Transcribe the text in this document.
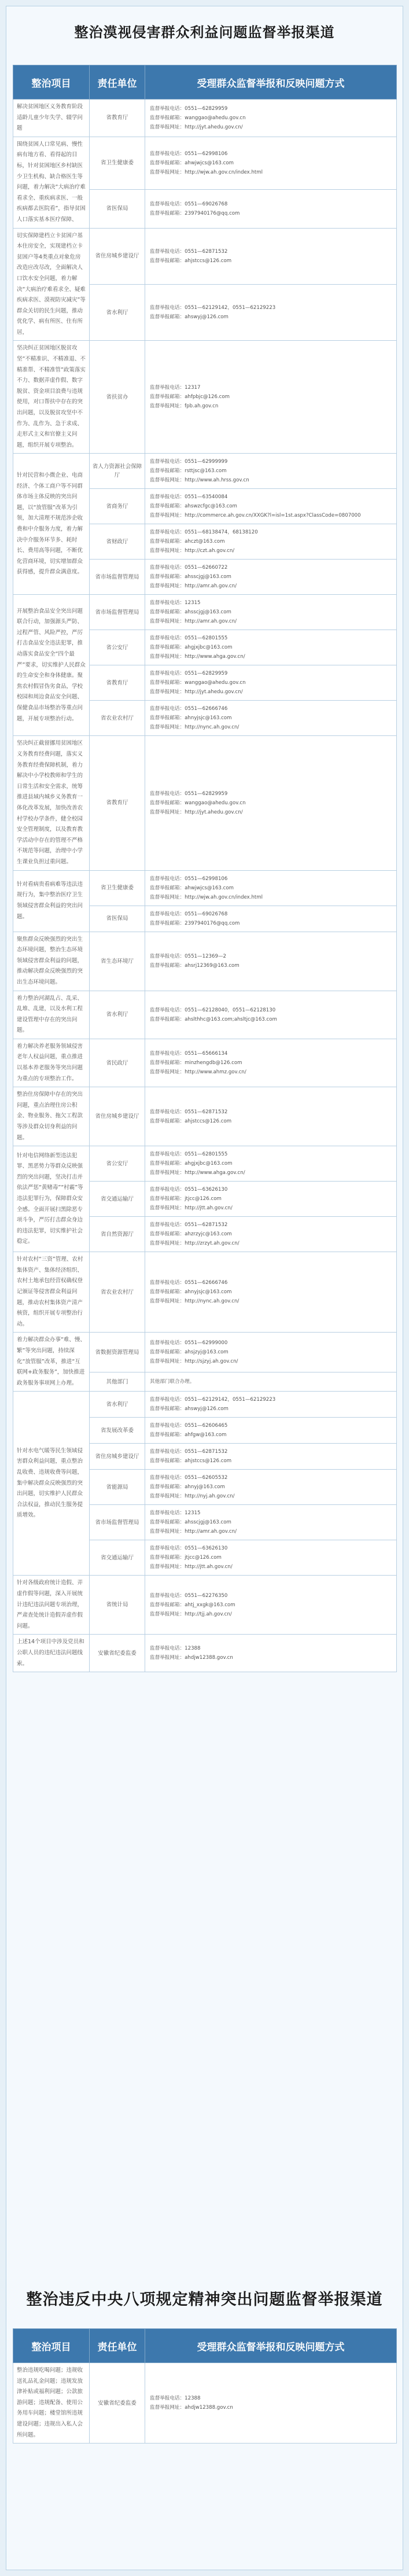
整治漠视侵害群众利益问题监督举报渠道
整治项目	责任单位	受理群众监督举报和反映问题方式
解决贫困地区义务教育阶段适龄儿童少年失学、辍学问题	省教育厅	监督举报电话：0551—62829959
监督举报邮箱：wanggao@ahedu.gov.cn
监督举报网址：http://jyt.ahedu.gov.cn/
围绕贫困人口常见病、慢性病有地方看、看得起的目标，针对贫困地区乡村缺医少卫生机构、缺合格医生等问题，着力解决“大病治疗难看求全、重疾病求医、一般疾病都去医院看”，指导贫困人口落实基本医疗保障、	省卫生健康委	监督举报电话：0551—62998106
监督举报邮箱：ahwjwjcs@163.com
监督举报网址：http://wjw.ah.gov.cn/index.html
	省医保局	监督举报电话：0551—69026768
监督举报邮箱：2397940176@qq.com
切实保障建档立卡贫困户基本住房安全，实现建档立卡贫困户等4类重点对象危房改造应改尽改，全面解决人口饮水安全问题，着力解决“大病治疗难看求全、疑难疾病求医、漠视防灾减灾”等群众关切的民生问题，推动优化学、病有所医、住有所居，	省住房城乡建设厅	监督举报电话：0551—62871532
监督举报邮箱：ahjstccs@126.com
	省水利厅	监督举报电话：0551—62129142，0551—62129223
监督举报邮箱：ahswyj@126.com
坚决纠正贫困地区脱贫攻坚“不精准识、不精准退、不精准帮、不精准管”政策落实不力、数据弄虚作假、数字脱贫、资金项目浪费与违规使用，对口帮扶中存在的突出问题，以及脱贫攻坚中不作为、乱作为、急于求成、走形式主义和官僚主义问题，组织开展专项整治。	省扶贫办	监督举报电话：12317
监督举报邮箱：ahfpbjc@126.com
监督举报网址：fpb.ah.gov.cn
针对民营和小微企业、电商经济、个体工商户等不同群体市场主体反映的突出问题，以“放管服”改革为引领，加大清理不规范涉企收费和中介服务力度，着力解决中介服务环节多、耗时长、费用高等问题，不断优化营商环境，切实增加群众获得感，提升群众满意度。	省人力资源社会保障厅	监督举报电话：0551—62999999
监督举报邮箱：rsttjsc@163.com
监督举报网址：http://www.ah.hrss.gov.cn
	省商务厅	监督举报电话：0551—63540084
监督举报邮箱：ahswzcfgc@163.com
监督举报网址：http://commerce.ah.gov.cn/XXGK?l=isl=1st.aspx?ClassCode=0807000
	省财政厅	监督举报电话：0551—68138474，68138120
监督举报邮箱：ahczt@163.com
监督举报网址：http://czt.ah.gov.cn/
	省市场监督管理局	监督举报电话：0551—62660722
监督举报邮箱：ahsscjgj@163.com
监督举报网址：http://amr.ah.gov.cn/
开展整治食品安全突出问题联合行动，加强源头严防、过程严管、风险严控，严厉打击食品安全违法犯罪，推动落实食品安全“四个最严”要求，切实维护人民群众的生命安全和身体健康。聚焦农村假冒伪劣食品，学校校园和周边食品安全问题、保健食品市场整治等重点问题，开展专项整治行动。	省市场监督管理局	监督举报电话：12315
监督举报邮箱：ahsscjgj@163.com
监督举报网址：http://amr.ah.gov.cn/
	省公安厅	监督举报电话：0551—62801555
监督举报邮箱：ahgjxjbc@163.com
监督举报网址：http://www.ahga.gov.cn/
	省教育厅	监督举报电话：0551—62829959
监督举报邮箱：wanggao@ahedu.gov.cn
监督举报网址：http://jyt.ahedu.gov.cn/
	省农业农村厅	监督举报电话：0551—62666746
监督举报邮箱：ahnyjsjc@163.com
监督举报网址：http://nync.ah.gov.cn/
坚决纠正截留挪用贫困地区义务教育经费问题，落实义务教育经费保障机制，着力解决中小学校教师和学生的日常生活和安全需求，统筹推进县域内城乡义务教育一体化改革发展，加快改善农村学校办学条件，健全校园安全管理制度，以及教育教学活动中存在的管理不严格不规范等问题，治理中小学生课业负担过重问题。	省教育厅	监督举报电话：0551—62829959
监督举报邮箱：wanggao@ahedu.gov.cn
监督举报网址：http://jyt.ahedu.gov.cn/
针对看病贵看病难等违法违规行为，集中整治医疗卫生领域侵害群众利益的突出问题。	省卫生健康委	监督举报电话：0551—62998106
监督举报邮箱：ahwjwjcs@163.com
监督举报网址：http://wjw.ah.gov.cn/index.html
	省医保局	监督举报电话：0551—69026768
监督举报邮箱：2397940176@qq.com
聚焦群众反映强烈的突出生态环境问题，整治生态环境领域侵害群众利益的问题，推动解决群众反映强烈的突出生态环境问题。	省生态环境厅	监督举报电话：0551—12369—2
监督举报邮箱：ahsrj12369@163.com
着力整治河湖乱占、乱采、乱堆、乱建，以及水利工程建设管理中存在的突出问题。	省水利厅	监督举报电话：0551—62128040，0551—62128130
监督举报邮箱：ahslthhc@163.com;ahsltjc@163.com
着力解决养老服务领域侵害老年人权益问题，重点推进以基本养老服务等突出问题为重点的专项整治工作。	省民政厅	监督举报电话：0551—65666134
监督举报邮箱：minzhengdb@126.com
监督举报网址：http://www.ahmz.gov.cn/
整治住房保障中存在的突出问题，重点治理住房公积金、物业服务、拖欠工程款等涉及群众切身利益的问题。	省住房城乡建设厅	监督举报电话：0551—62871532
监督举报邮箱：ahjstccs@126.com
针对电信网络新型违法犯罪、黑恶势力等群众反映强烈的突出问题，坚决打击并依法严惩“黄赌毒”“村霸”等违法犯罪行为，保障群众安全感。全面开展扫黑除恶专项斗争，严厉打击群众身边的违法犯罪，切实维护社会稳定。	省公安厅	监督举报电话：0551—62801555
监督举报邮箱：ahgjxjbc@163.com
监督举报网址：http://www.ahga.gov.cn/
	省交通运输厅	监督举报电话：0551—63626130
监督举报邮箱：jtjcc@126.com
监督举报网址：http://jtt.ah.gov.cn/
	省自然资源厅	监督举报电话：0551—62871532
监督举报邮箱：ahzrzyjc@163.com
监督举报网址：http://zrzyt.ah.gov.cn/
针对农村“三资”管理、农村集体资产、集体经济组织、农村土地承包经营权确权登记颁证等侵害群众利益问题，推动农村集体资产清产核资，组织开展专项整治行动。	省农业农村厅	监督举报电话：0551—62666746
监督举报邮箱：ahnyjsjc@163.com
监督举报网址：http://nync.ah.gov.cn/
着力解决群众办事“难、慢、繁”等突出问题，持续深化“放管服”改革，推进“互联网+政务服务”，加快推进政务服务事项网上办理。	省数据资源管理局	监督举报电话：0551—62999000
监督举报邮箱：ahsjzyj@163.com
监督举报网址：http://sjzyj.ah.gov.cn/
	其他部门	其他部门联合办理。
针对水电气暖等民生领域侵害群众利益问题，重点整治乱收费、违规收费等问题，集中解决群众反映强烈的突出问题，切实维护人民群众合法权益，推动民生服务提质增效。	省水利厅	监督举报电话：0551—62129142，0551—62129223
监督举报邮箱：ahswyj@126.com
	省发展改革委	监督举报电话：0551—62606465
监督举报邮箱：ahfgw@163.com
	省住房城乡建设厅	监督举报电话：0551—62871532
监督举报邮箱：ahjstccs@126.com
	省能源局	监督举报电话：0551—62605532
监督举报邮箱：ahnyj@163.com
监督举报网址：http://nyj.ah.gov.cn/
	省市场监督管理局	监督举报电话：12315
监督举报邮箱：ahsscjgj@163.com
监督举报网址：http://amr.ah.gov.cn/
	省交通运输厅	监督举报电话：0551—63626130
监督举报邮箱：jtjcc@126.com
监督举报网址：http://jtt.ah.gov.cn/
针对各级政府统计造假、弄虚作假等问题，深入开展统计违纪违法问题专项治理，严肃查处统计造假弄虚作假问题。	省统计局	监督举报电话：0551—62276350
监督举报邮箱：ahtj_xxgk@163.com
监督举报网址：http://tjj.ah.gov.cn/
上述14个项目中涉及党员和公职人员的违纪违法问题线索。	安徽省纪委监委	监督举报电话：12388
监督举报网址：ahdjw12388.gov.cn
整治违反中央八项规定精神突出问题监督举报渠道
整治项目	责任单位	受理群众监督举报和反映问题方式
整治违规吃喝问题；违规收送礼品礼金问题；违规发放津补贴或福利问题；公款旅游问题；违规配备、使用公务用车问题；楼堂馆所违规建设问题；违规出入私人会所问题。	安徽省纪委监委	监督举报电话：12388
监督举报网址：ahdjw12388.gov.cn
